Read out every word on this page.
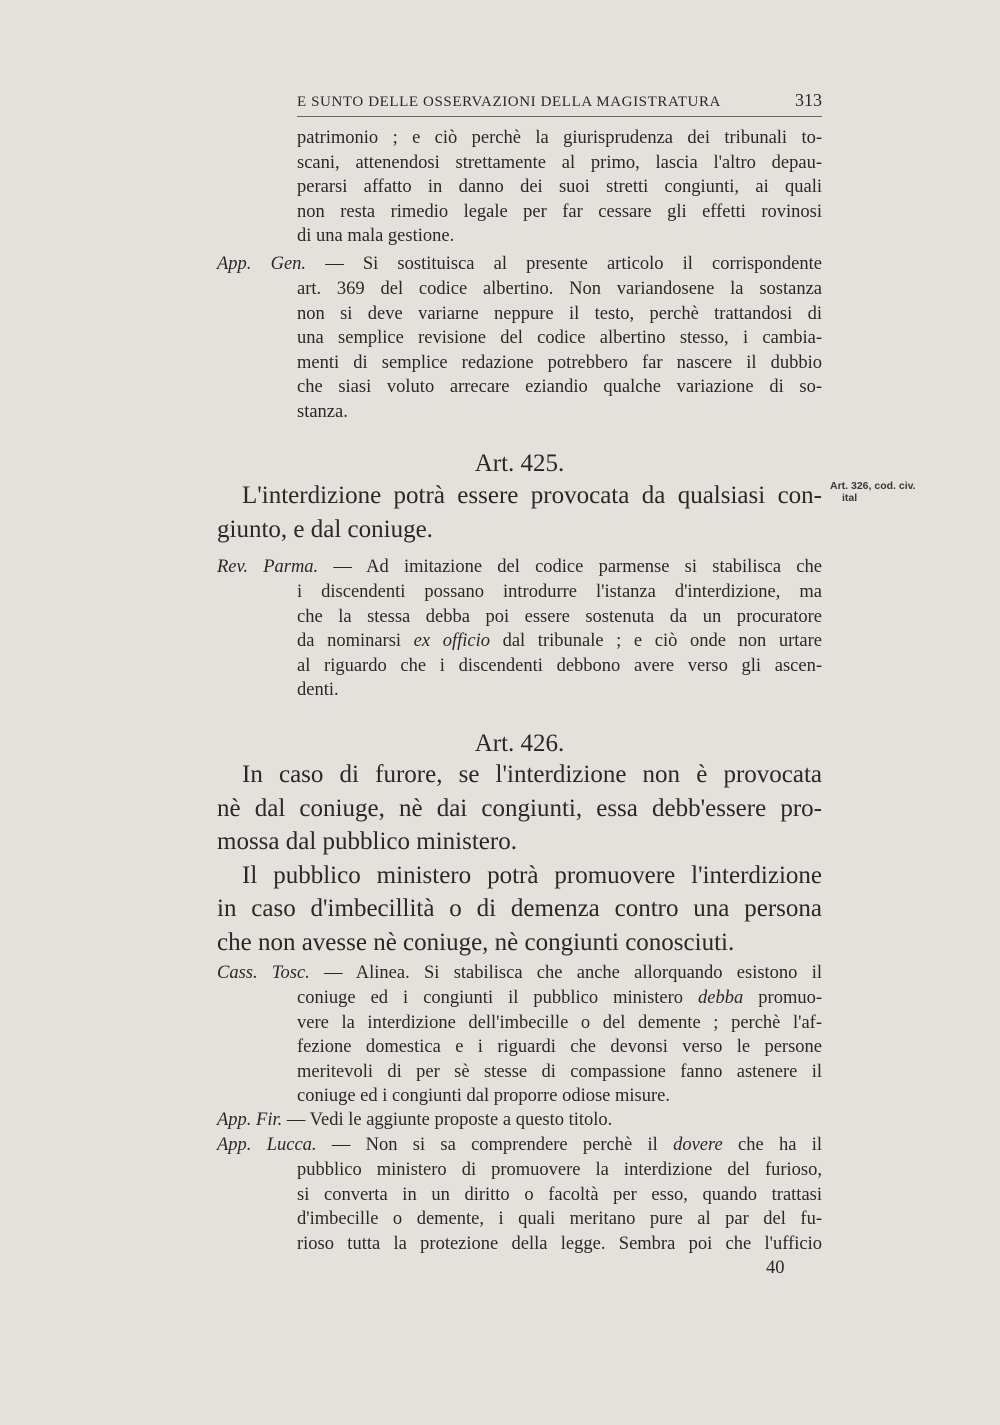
E SUNTO DELLE OSSERVAZIONI DELLA MAGISTRATURA	313
patrimonio ; e ciò perchè la giurisprudenza dei tribunali to-
scani, attenendosi strettamente al primo, lascia l'altro depau-
perarsi affatto in danno dei suoi stretti congiunti, ai quali
non resta rimedio legale per far cessare gli effetti rovinosi
di una mala gestione.
App. Gen. — Si sostituisca al presente articolo il corrispondente
art. 369 del codice albertino. Non variandosene la sostanza
non si deve variarne neppure il testo, perchè trattandosi di
una semplice revisione del codice albertino stesso, i cambia-
menti di semplice redazione potrebbero far nascere il dubbio
che siasi voluto arrecare eziandio qualche variazione di so-
stanza.
Art. 425.
L'interdizione potrà essere provocata da qualsiasi con-
giunto, e dal coniuge.
Art. 326, cod. civ.
ital
Rev. Parma. — Ad imitazione del codice parmense si stabilisca che
i discendenti possano introdurre l'istanza d'interdizione, ma
che la stessa debba poi essere sostenuta da un procuratore
da nominarsi ex officio dal tribunale ; e ciò onde non urtare
al riguardo che i discendenti debbono avere verso gli ascen-
denti.
Art. 426.
In caso di furore, se l'interdizione non è provocata
nè dal coniuge, nè dai congiunti, essa debb'essere pro-
mossa dal pubblico ministero.
Il pubblico ministero potrà promuovere l'interdizione
in caso d'imbecillità o di demenza contro una persona
che non avesse nè coniuge, nè congiunti conosciuti.
Cass. Tosc. — Alinea. Si stabilisca che anche allorquando esistono il
coniuge ed i congiunti il pubblico ministero debba promuo-
vere la interdizione dell'imbecille o del demente ; perchè l'af-
fezione domestica e i riguardi che devonsi verso le persone
meritevoli di per sè stesse di compassione fanno astenere il
coniuge ed i congiunti dal proporre odiose misure.
App. Fir. — Vedi le aggiunte proposte a questo titolo.
App. Lucca. — Non si sa comprendere perchè il dovere che ha il
pubblico ministero di promuovere la interdizione del furioso,
si converta in un diritto o facoltà per esso, quando trattasi
d'imbecille o demente, i quali meritano pure al par del fu-
rioso tutta la protezione della legge. Sembra poi che l'ufficio
40
